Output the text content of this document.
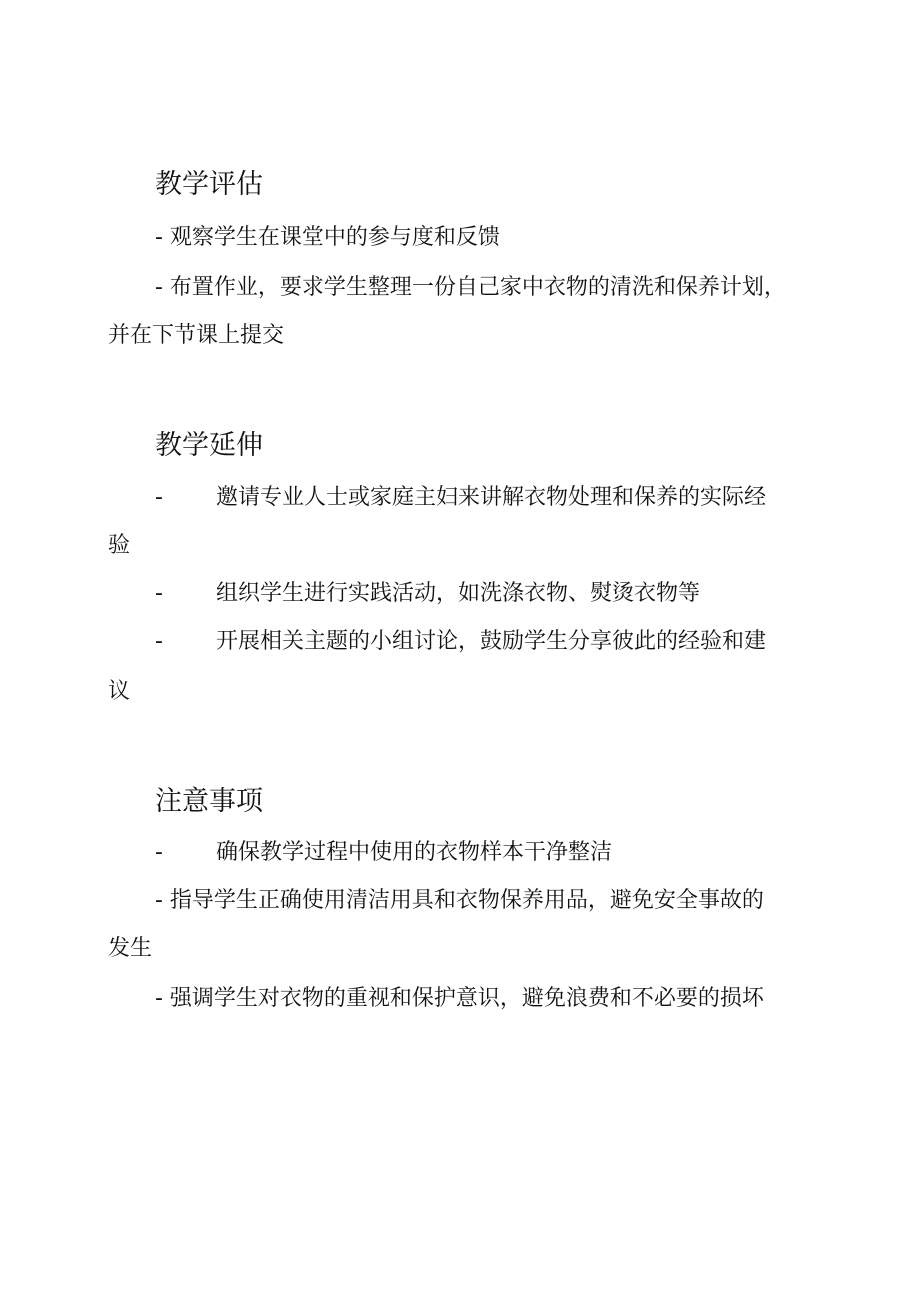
教学评估

- 观察学生在课堂中的参与度和反馈

- 布置作业，要求学生整理一份自己家中衣物的清洗和保养计划，

并在下节课上提交

教学延伸
- 邀请专业人士或家庭主妇来讲解衣物处理和保养的实际经

验

- 组织学生进行实践活动，如洗涤衣物、熨烫衣物等

- 开展相关主题的小组讨论，鼓励学生分享彼此的经验和建

议

注意事项
- 确保教学过程中使用的衣物样本干净整洁

- 指导学生正确使用清洁用具和衣物保养用品，避免安全事故的

发生

- 强调学生对衣物的重视和保护意识，避免浪费和不必要的损坏
